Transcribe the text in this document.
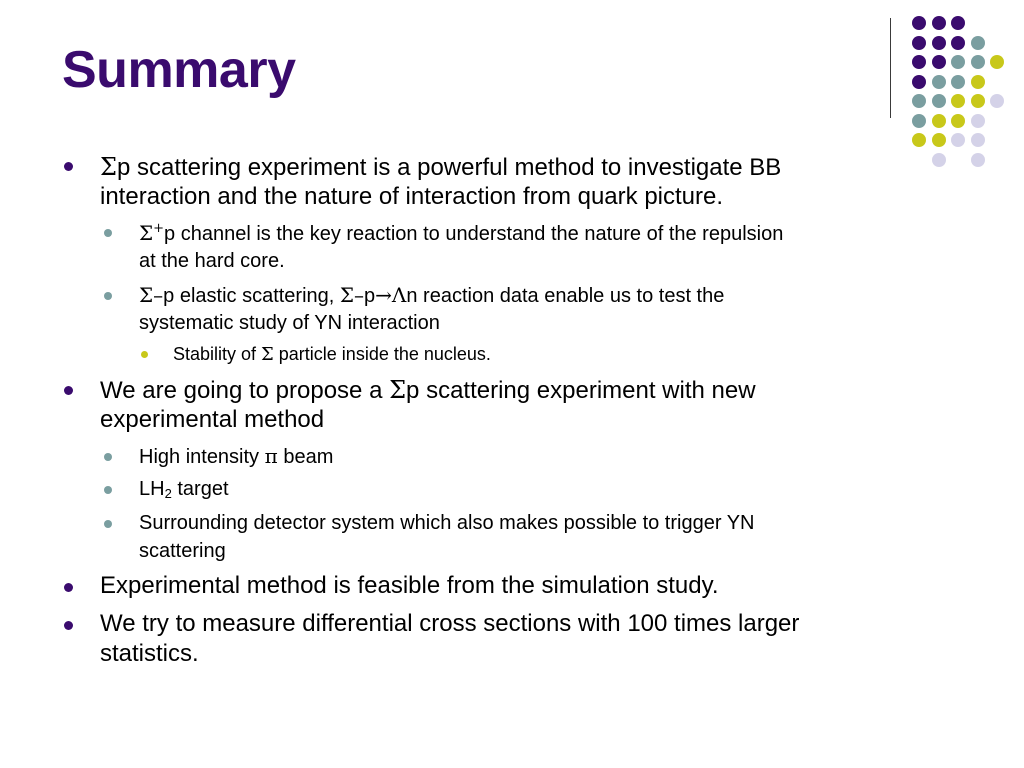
Summary
Σp scattering experiment is a powerful method to investigate BB
interaction and the nature of interaction from quark picture.
Σ+p channel is the key reaction to understand the nature of the repulsion
at the hard core.
Σ–p elastic scattering, Σ–p→Λn reaction data enable us to test the
systematic study of YN interaction
Stability of Σ particle inside the nucleus.
We are going to propose a Σp scattering experiment with new
experimental method
High intensity π beam
$LH_2$ target
Surrounding detector system which also makes possible to trigger YN
scattering
Experimental method is feasible from the simulation study.
We try to measure differential cross sections with 100 times larger
statistics.
